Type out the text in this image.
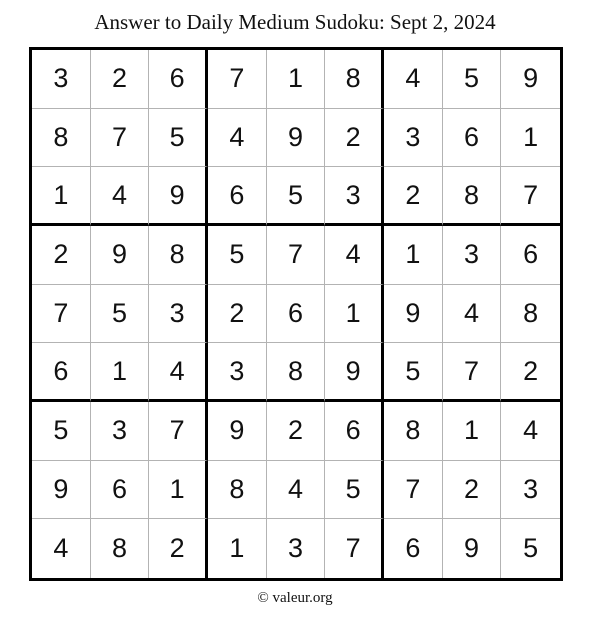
Answer to Daily Medium Sudoku: Sept 2, 2024
3	2	6	7	1	8	4	5	9
8	7	5	4	9	2	3	6	1
1	4	9	6	5	3	2	8	7
2	9	8	5	7	4	1	3	6
7	5	3	2	6	1	9	4	8
6	1	4	3	8	9	5	7	2
5	3	7	9	2	6	8	1	4
9	6	1	8	4	5	7	2	3
4	8	2	1	3	7	6	9	5
© valeur.org
